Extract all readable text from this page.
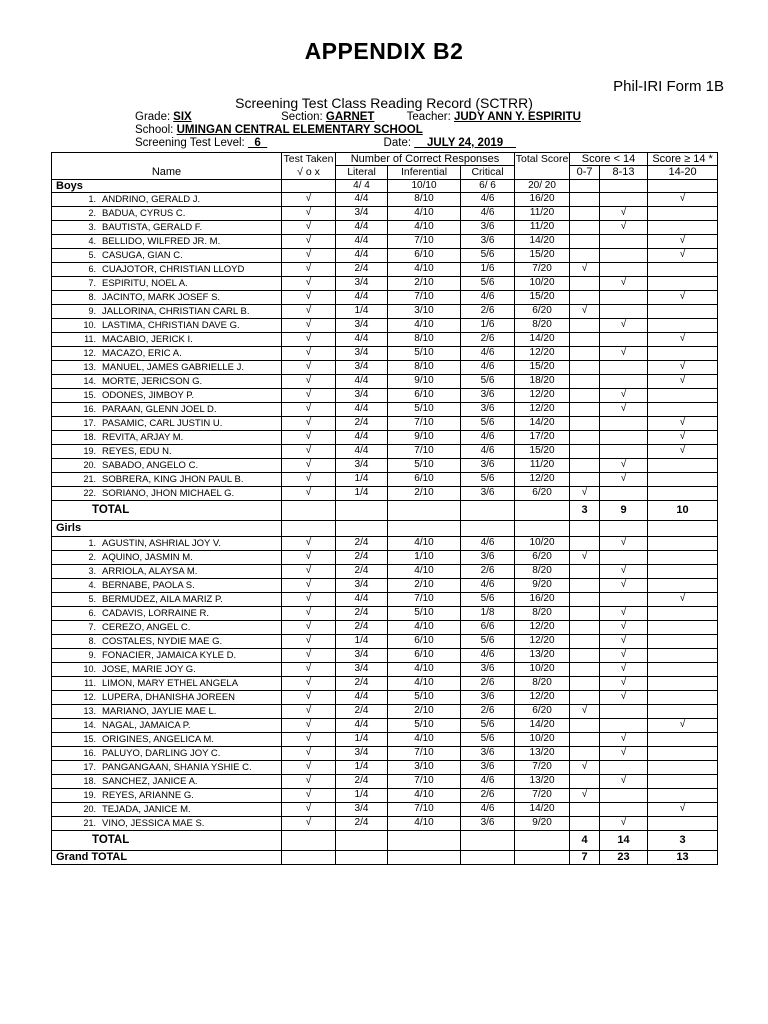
APPENDIX B2
Phil-IRI Form 1B
Screening Test Class Reading Record (SCTRR)
Grade: SIX	Section: GARNET	Teacher: JUDY ANN Y. ESPIRITU
School: UMINGAN CENTRAL ELEMENTARY SCHOOL
Screening Test Level: _6_	Date: __JULY 24, 2019__
	Test Taken	Number of Correct Responses			Total Score	Score < 14		Score ≥ 14 *
Name	√ o x	Literal	Inferential	Critical		0-7	8-13	14-20
Boys		4/ 4	10/10	6/ 6	20/ 20			
1. ANDRINO, GERALD J.	√	4/4	8/10	4/6	16/20			√
2. BADUA, CYRUS C.	√	3/4	4/10	4/6	11/20		√	
3. BAUTISTA, GERALD F.	√	4/4	4/10	3/6	11/20		√	
4. BELLIDO, WILFRED JR. M.	√	4/4	7/10	3/6	14/20			√
5. CASUGA, GIAN C.	√	4/4	6/10	5/6	15/20			√
6. CUAJOTOR, CHRISTIAN LLOYD	√	2/4	4/10	1/6	7/20	√		
7. ESPIRITU, NOEL A.	√	3/4	2/10	5/6	10/20		√	
8. JACINTO, MARK JOSEF S.	√	4/4	7/10	4/6	15/20			√
9. JALLORINA, CHRISTIAN CARL B.	√	1/4	3/10	2/6	6/20	√		
10. LASTIMA, CHRISTIAN DAVE G.	√	3/4	4/10	1/6	8/20		√	
11. MACABIO, JERICK I.	√	4/4	8/10	2/6	14/20			√
12. MACAZO, ERIC A.	√	3/4	5/10	4/6	12/20		√	
13. MANUEL, JAMES GABRIELLE J.	√	3/4	8/10	4/6	15/20			√
14. MORTE, JERICSON G.	√	4/4	9/10	5/6	18/20			√
15. ODONES, JIMBOY P.	√	3/4	6/10	3/6	12/20		√	
16. PARAAN, GLENN JOEL D.	√	4/4	5/10	3/6	12/20		√	
17. PASAMIC, CARL JUSTIN U.	√	2/4	7/10	5/6	14/20			√
18. REVITA, ARJAY M.	√	4/4	9/10	4/6	17/20			√
19. REYES, EDU N.	√	4/4	7/10	4/6	15/20			√
20. SABADO, ANGELO C.	√	3/4	5/10	3/6	11/20		√	
21. SOBRERA, KING JHON PAUL B.	√	1/4	6/10	5/6	12/20		√	
22. SORIANO, JHON MICHAEL G.	√	1/4	2/10	3/6	6/20	√		
TOTAL						3	9	10
Girls								
1. AGUSTIN, ASHRIAL JOY V.	√	2/4	4/10	4/6	10/20		√	
2. AQUINO, JASMIN M.	√	2/4	1/10	3/6	6/20	√		
3. ARRIOLA, ALAYSA M.	√	2/4	4/10	2/6	8/20		√	
4. BERNABE, PAOLA S.	√	3/4	2/10	4/6	9/20		√	
5. BERMUDEZ, AILA MARIZ P.	√	4/4	7/10	5/6	16/20			√
6. CADAVIS, LORRAINE R.	√	2/4	5/10	1/8	8/20		√	
7. CEREZO, ANGEL C.	√	2/4	4/10	6/6	12/20		√	
8. COSTALES, NYDIE MAE G.	√	1/4	6/10	5/6	12/20		√	
9. FONACIER, JAMAICA KYLE D.	√	3/4	6/10	4/6	13/20		√	
10. JOSE, MARIE JOY G.	√	3/4	4/10	3/6	10/20		√	
11. LIMON, MARY ETHEL ANGELA	√	2/4	4/10	2/6	8/20		√	
12. LUPERA, DHANISHA JOREEN	√	4/4	5/10	3/6	12/20		√	
13. MARIANO, JAYLIE MAE L.	√	2/4	2/10	2/6	6/20	√		
14. NAGAL, JAMAICA P.	√	4/4	5/10	5/6	14/20			√
15. ORIGINES, ANGELICA M.	√	1/4	4/10	5/6	10/20		√	
16. PALUYO, DARLING JOY C.	√	3/4	7/10	3/6	13/20		√	
17. PANGANGAAN, SHANIA YSHIE C.	√	1/4	3/10	3/6	7/20	√		
18. SANCHEZ, JANICE A.	√	2/4	7/10	4/6	13/20		√	
19. REYES, ARIANNE G.	√	1/4	4/10	2/6	7/20	√		
20. TEJADA, JANICE M.	√	3/4	7/10	4/6	14/20			√
21. VINO, JESSICA MAE S.	√	2/4	4/10	3/6	9/20		√	
TOTAL						4	14	3
Grand TOTAL						7	23	13
